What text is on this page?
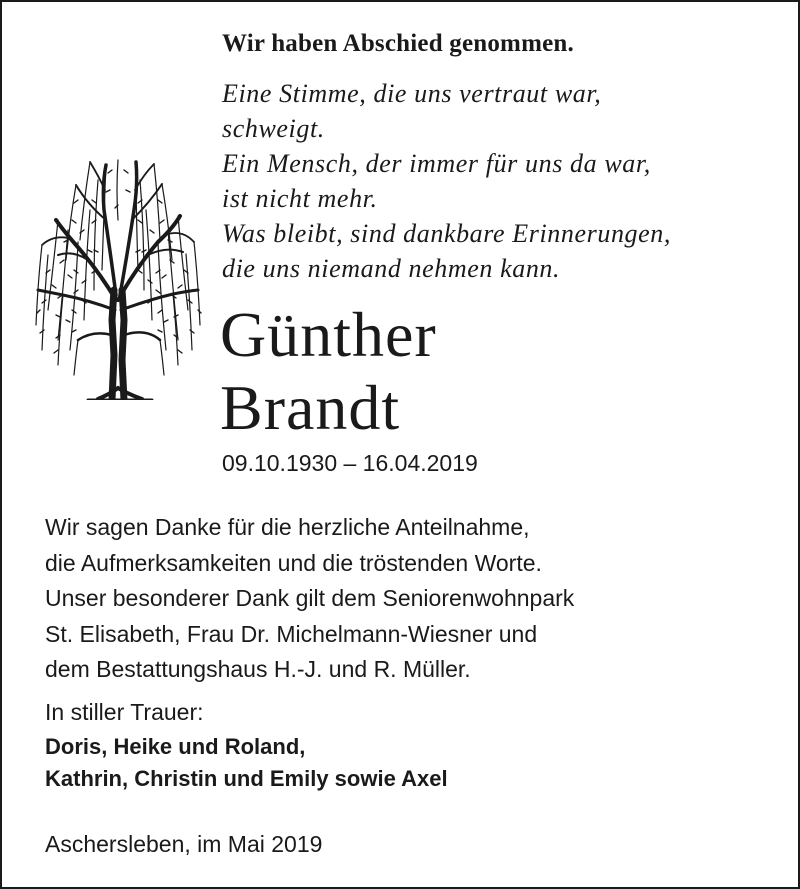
Wir haben Abschied genommen.
Eine Stimme, die uns vertraut war,
schweigt.
Ein Mensch, der immer für uns da war,
ist nicht mehr.
Was bleibt, sind dankbare Erinnerungen,
die uns niemand nehmen kann.
Günther
Brandt
09.10.1930 – 16.04.2019
Wir sagen Danke für die herzliche Anteilnahme,
die Aufmerksamkeiten und die tröstenden Worte.
Unser besonderer Dank gilt dem Seniorenwohnpark
St. Elisabeth, Frau Dr. Michelmann-Wiesner und
dem Bestattungshaus H.-J. und R. Müller.
In stiller Trauer:
Doris, Heike und Roland,
Kathrin, Christin und Emily sowie Axel
Aschersleben, im Mai 2019
